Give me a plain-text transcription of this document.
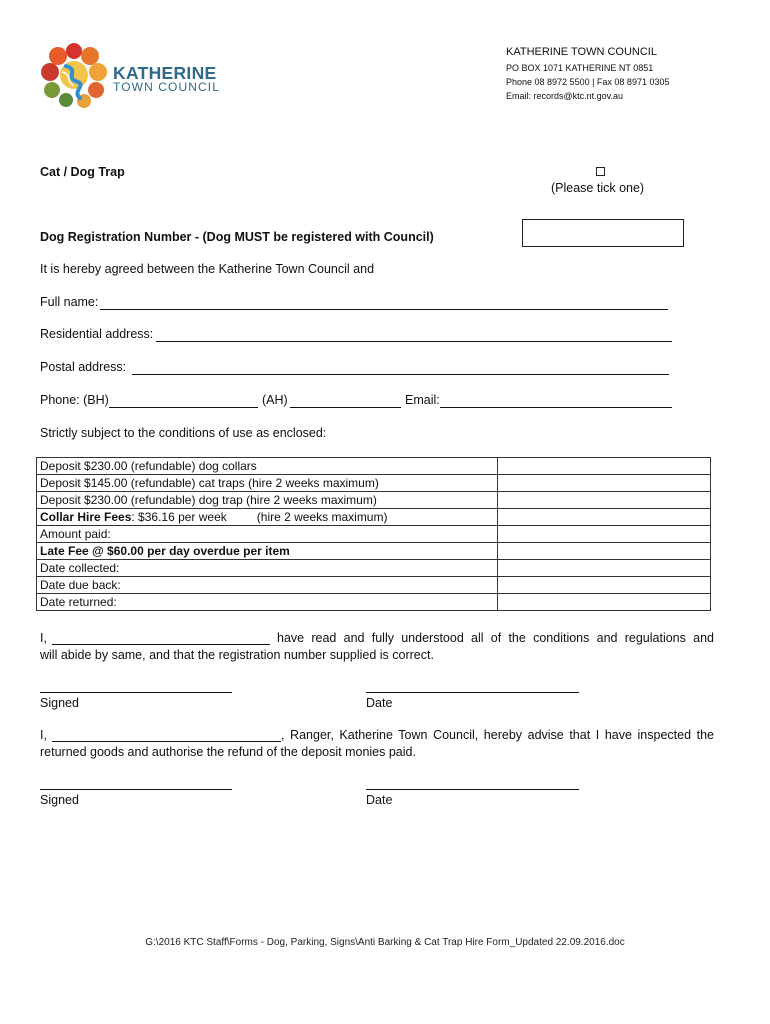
KATHERINE
TOWN COUNCIL
KATHERINE TOWN COUNCIL
PO BOX 1071 KATHERINE NT 0851
Phone 08 8972 5500 | Fax 08 8971 0305
Email: records@ktc.nt.gov.au
Cat / Dog Trap
(Please tick one)
Dog Registration Number - (Dog MUST be registered with Council)
It is hereby agreed between the Katherine Town Council and
Full name:
Residential address:
Postal address:
Phone: (BH)	(AH)	Email:
Strictly subject to the conditions of use as enclosed:
Deposit $230.00 (refundable) dog collars	
Deposit $145.00 (refundable) cat traps (hire 2 weeks maximum)	
Deposit $230.00 (refundable) dog trap (hire 2 weeks maximum)	
Collar Hire Fees: $36.16 per week (hire 2 weeks maximum)	
Amount paid:	
Late Fee @ $60.00 per day overdue per item	
Date collected:	
Date due back:	
Date returned:	
I,	have read and fully understood all of the conditions and regulations and
will abide by same, and that the registration number supplied is correct.
Signed	Date
I,	, Ranger, Katherine Town Council, hereby advise that I have inspected the
returned goods and authorise the refund of the deposit monies paid.
Signed	Date
G:\2016 KTC Staff\Forms - Dog, Parking, Signs\Anti Barking & Cat Trap Hire Form_Updated 22.09.2016.doc
